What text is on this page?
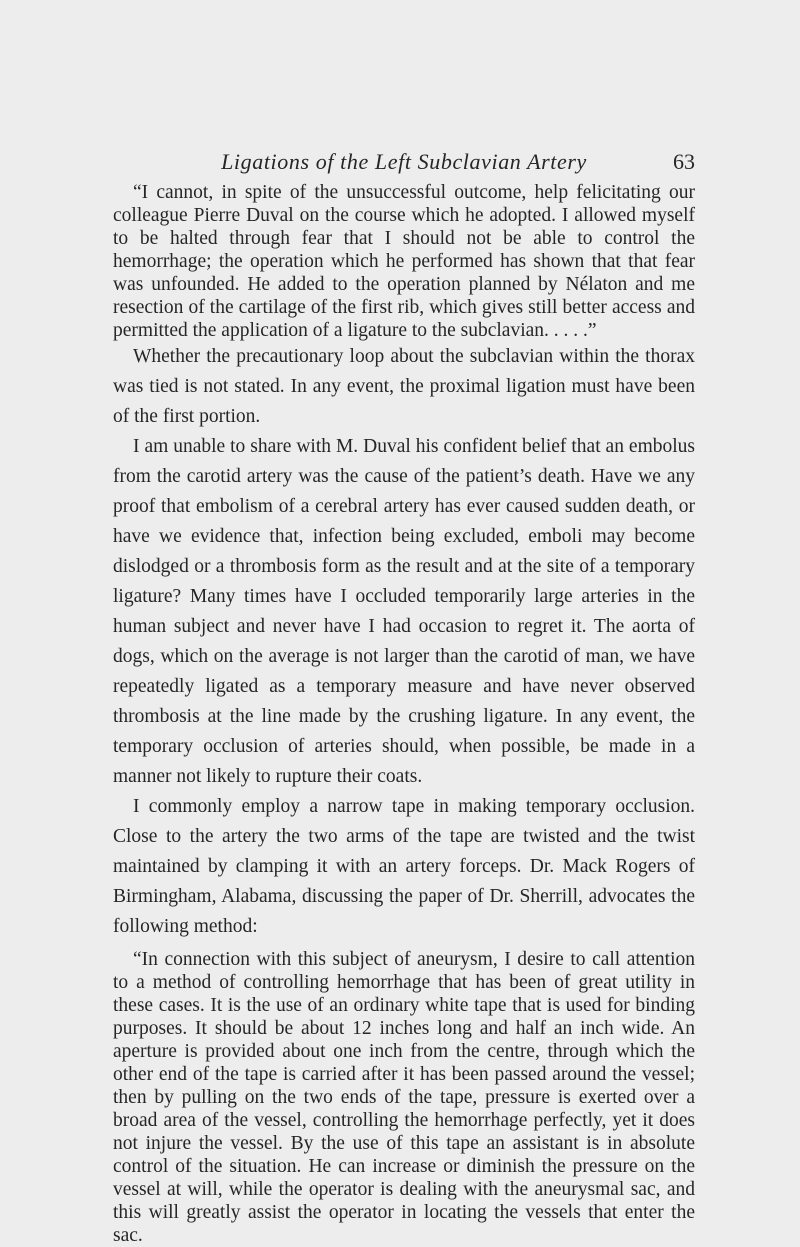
Ligations of the Left Subclavian Artery	63

“I cannot, in spite of the unsuccessful outcome, help felicitating our colleague Pierre Duval on the course which he adopted. I allowed myself to be halted through fear that I should not be able to control the hemorrhage; the operation which he performed has shown that that fear was unfounded. He added to the operation planned by Nélaton and me resection of the cartilage of the first rib, which gives still better access and permitted the application of a ligature to the subclavian. . . . .”

Whether the precautionary loop about the subclavian within the thorax was tied is not stated. In any event, the proximal ligation must have been of the first portion.

I am unable to share with M. Duval his confident belief that an embolus from the carotid artery was the cause of the patient’s death. Have we any proof that embolism of a cerebral artery has ever caused sudden death, or have we evidence that, infection being excluded, emboli may become dislodged or a thrombosis form as the result and at the site of a temporary ligature? Many times have I occluded temporarily large arteries in the human subject and never have I had occasion to regret it. The aorta of dogs, which on the average is not larger than the carotid of man, we have repeatedly ligated as a temporary measure and have never observed thrombosis at the line made by the crushing ligature. In any event, the temporary occlusion of arteries should, when possible, be made in a manner not likely to rupture their coats.

I commonly employ a narrow tape in making temporary occlusion. Close to the artery the two arms of the tape are twisted and the twist maintained by clamping it with an artery forceps. Dr. Mack Rogers of Birmingham, Alabama, discussing the paper of Dr. Sherrill, advocates the following method:

“In connection with this subject of aneurysm, I desire to call attention to a method of controlling hemorrhage that has been of great utility in these cases. It is the use of an ordinary white tape that is used for binding purposes. It should be about 12 inches long and half an inch wide. An aperture is provided about one inch from the centre, through which the other end of the tape is carried after it has been passed around the vessel; then by pulling on the two ends of the tape, pressure is exerted over a broad area of the vessel, controlling the hemorrhage perfectly, yet it does not injure the vessel. By the use of this tape an assistant is in absolute control of the situation. He can increase or diminish the pressure on the vessel at will, while the operator is dealing with the aneurysmal sac, and this will greatly assist the operator in locating the vessels that enter the sac.
